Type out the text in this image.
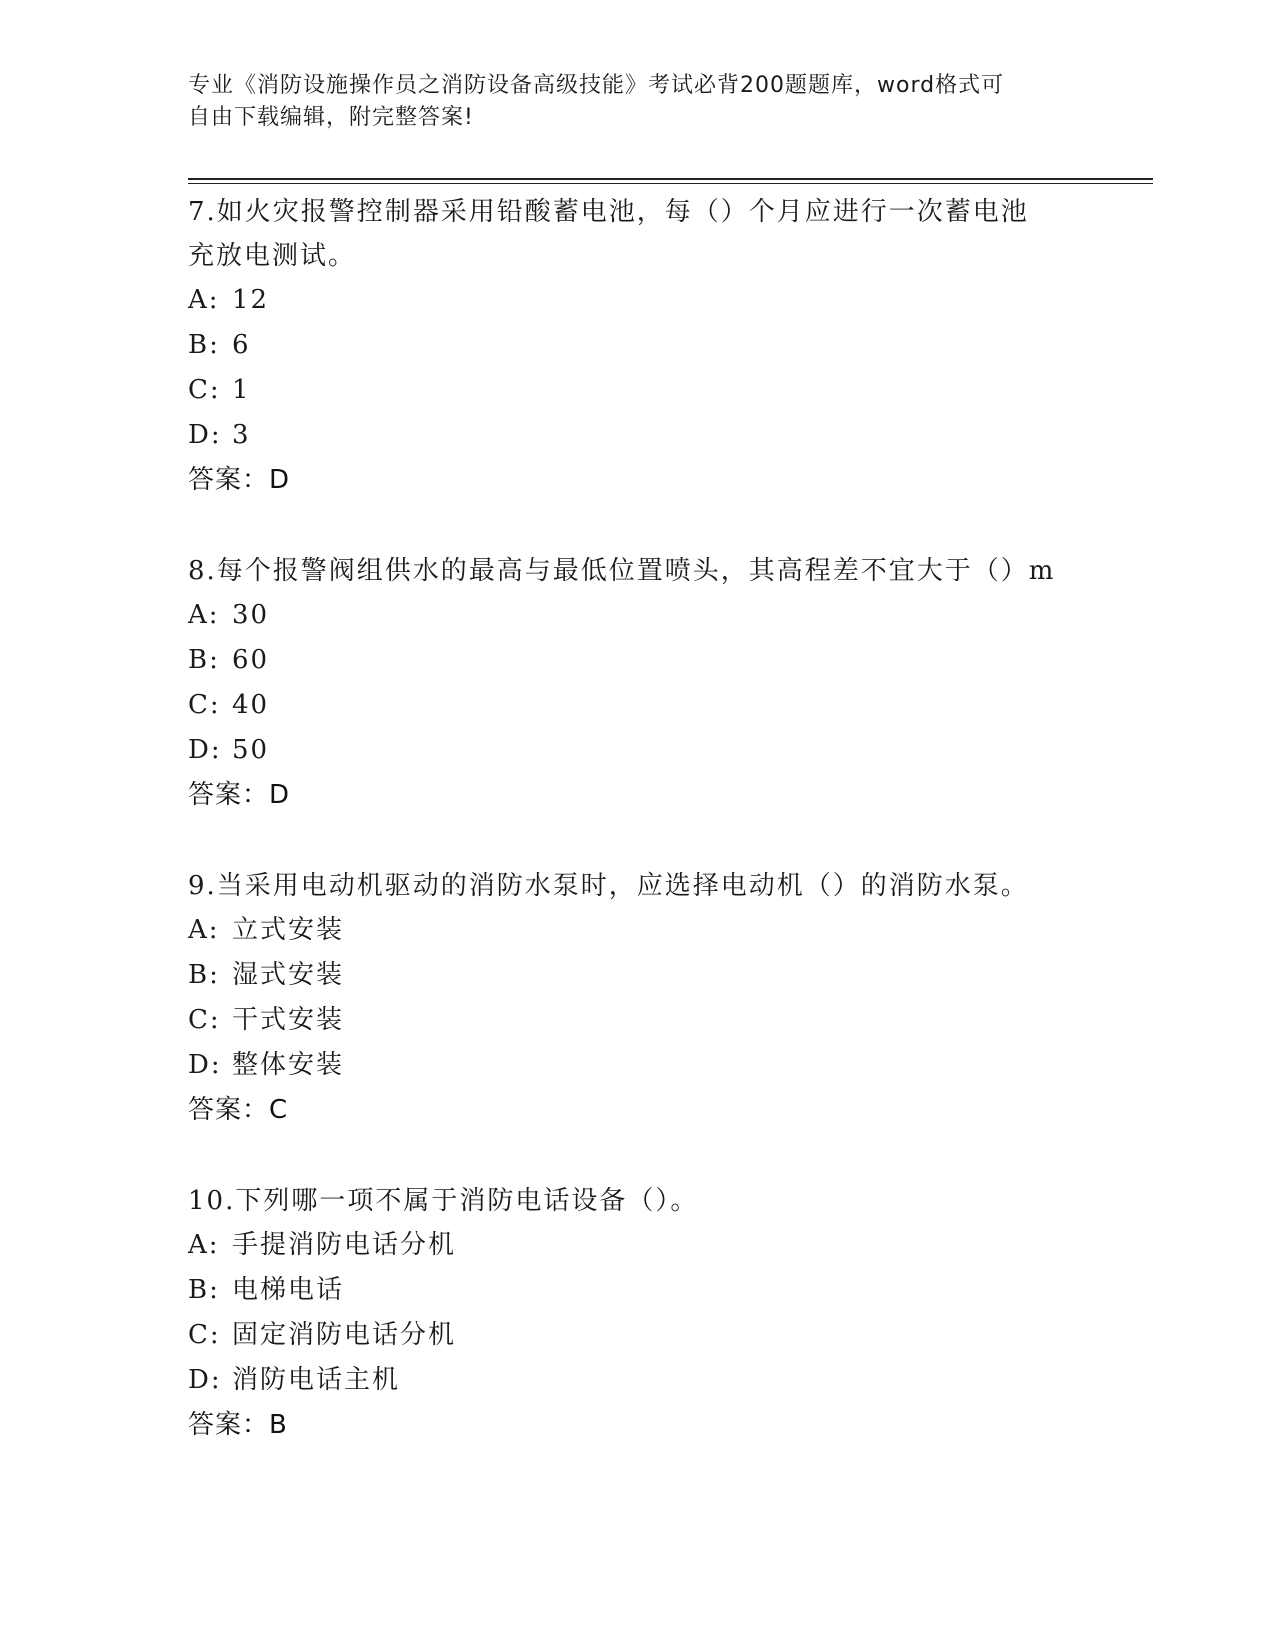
专业《消防设施操作员之消防设备高级技能》考试必背200题题库，word格式可
自由下载编辑，附完整答案!
7.如火灾报警控制器采用铅酸蓄电池，每（）个月应进行一次蓄电池
充放电测试。
A: 12
B: 6
C: 1
D: 3
答案：D
8.每个报警阀组供水的最高与最低位置喷头，其高程差不宜大于（）m
A: 30
B: 60
C: 40
D: 50
答案：D
9.当采用电动机驱动的消防水泵时，应选择电动机（）的消防水泵。
A: 立式安装
B: 湿式安装
C: 干式安装
D: 整体安装
答案：C
10.下列哪一项不属于消防电话设备（）。
A: 手提消防电话分机
B: 电梯电话
C: 固定消防电话分机
D: 消防电话主机
答案：B
